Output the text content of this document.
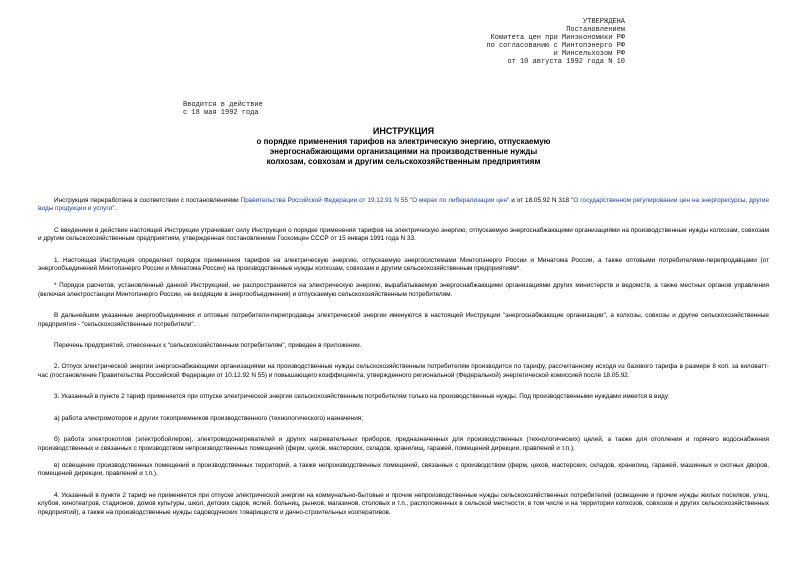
УТВЕРЖДЕНА
Постановлением
Комитета цен при Минэкономики РФ
по согласованию с Минтопэнерго РФ
и Минсельхозом РФ
от 10 августа 1992 года N 10
Вводится в действие
с 18 мая 1992 года
ИНСТРУКЦИЯ
о порядке применения тарифов на электрическую энергию, отпускаемую энергоснабжающими организациями на производственные нужды колхозам, совхозам и другим сельскохозяйственным предприятиям

Инструкция переработана в соответствии с постановлениями Правительства Российской Федерации от 19.12.91 N 55 "О мерах по либерализации цен" и от 18.05.92 N 318 "О государственном регулировании цен на энергоресурсы, другие виды продукции и услуги".

С введением в действие настоящей Инструкции утрачивает силу Инструкция о порядке применения тарифов на электрическую энергию, отпускаемую энергоснабжающими организациями на производственные нужды колхозам, совхозам и другим сельскохозяйственным предприятиям, утвержденная постановлением Госкомцен СССР от 15 января 1991 года N 33.

1. Настоящая Инструкция определяет порядок применения тарифов на электрическую энергию, отпускаемую энергосистемами Минтопэнерго России и Минатома России, а также оптовыми потребителями-перепродавцами (от энергообъединений Минтопэнерго России и Минатома России) на производственные нужды колхозам, совхозам и другим сельскохозяйственным предприятиям*.

* Порядок расчетов, установленный данной Инструкцией, не распространяется на электрическую энергию, вырабатываемую энергоснабжающими организациями других министерств и ведомств, а также местных органов управления (включая электростанции Минтопэнерго России, не входящие в энергообъединения) и отпускаемую сельскохозяйственным потребителям.

В дальнейшем указанные энергообъединения и оптовые потребители-перепродавцы электрической энергии именуются в настоящей Инструкции "энергоснабжающие организации", а колхозы, совхозы и другие сельскохозяйственные предприятия - "сельскохозяйственные потребители".

Перечень предприятий, отнесенных к "сельскохозяйственным потребителям", приведен в приложении.

2. Отпуск электрической энергии энергоснабжающими организациями на производственные нужды сельскохозяйственным потребителям производится по тарифу, рассчитанному исходя из базового тарифа в размере 8 коп. за киловатт-час (постановление Правительства Российской Федерации от 10.12.92 N 55) и повышающего коэффициента, утвержденного региональной (Федеральной) энергетической комиссией после 18.05.92.

3. Указанный в пункте 2 тариф применяется при отпуске электрической энергии сельскохозяйственным потребителям только на производственные нужды. Под производственными нуждами имеется в виду:

а) работа электромоторов и других токоприемников производственного (технологического) назначения;

б) работа электрокотлов (электробойлеров), электроводонагревателей и других нагревательных приборов, предназначенных для производственных (технологических) целей, а также для отопления и горячего водоснабжения производственных и связанных с производством непроизводственных помещений (ферм, цехов, мастерских, складов, хранилищ, гаражей, помещений дирекции, правлений и т.п.);

в) освещение производственных помещений и производственных территорий, а также непроизводственных помещений, связанных с производством (ферм, цехов, мастерских, складов, хранилищ, гаражей, машинных и скотных дворов, помещений дирекции, правлений и т.п.).

4. Указанный в пункте 2 тариф не применяется при отпуске электрической энергии на коммунально-бытовые и прочие непроизводственные нужды сельскохозяйственных потребителей (освещение и прочие нужды жилых поселков, улиц, клубов, кинотеатров, стадионов, домов культуры, школ, детских садов, яслей, больниц, рынков, магазинов, столовых и т.п., расположенных в сельской местности, в том числе и на территории колхозов, совхозов и других сельскохозяйственных предприятий), а также на производственные нужды садоводческих товариществ и дачно-строительных кооперативов.
